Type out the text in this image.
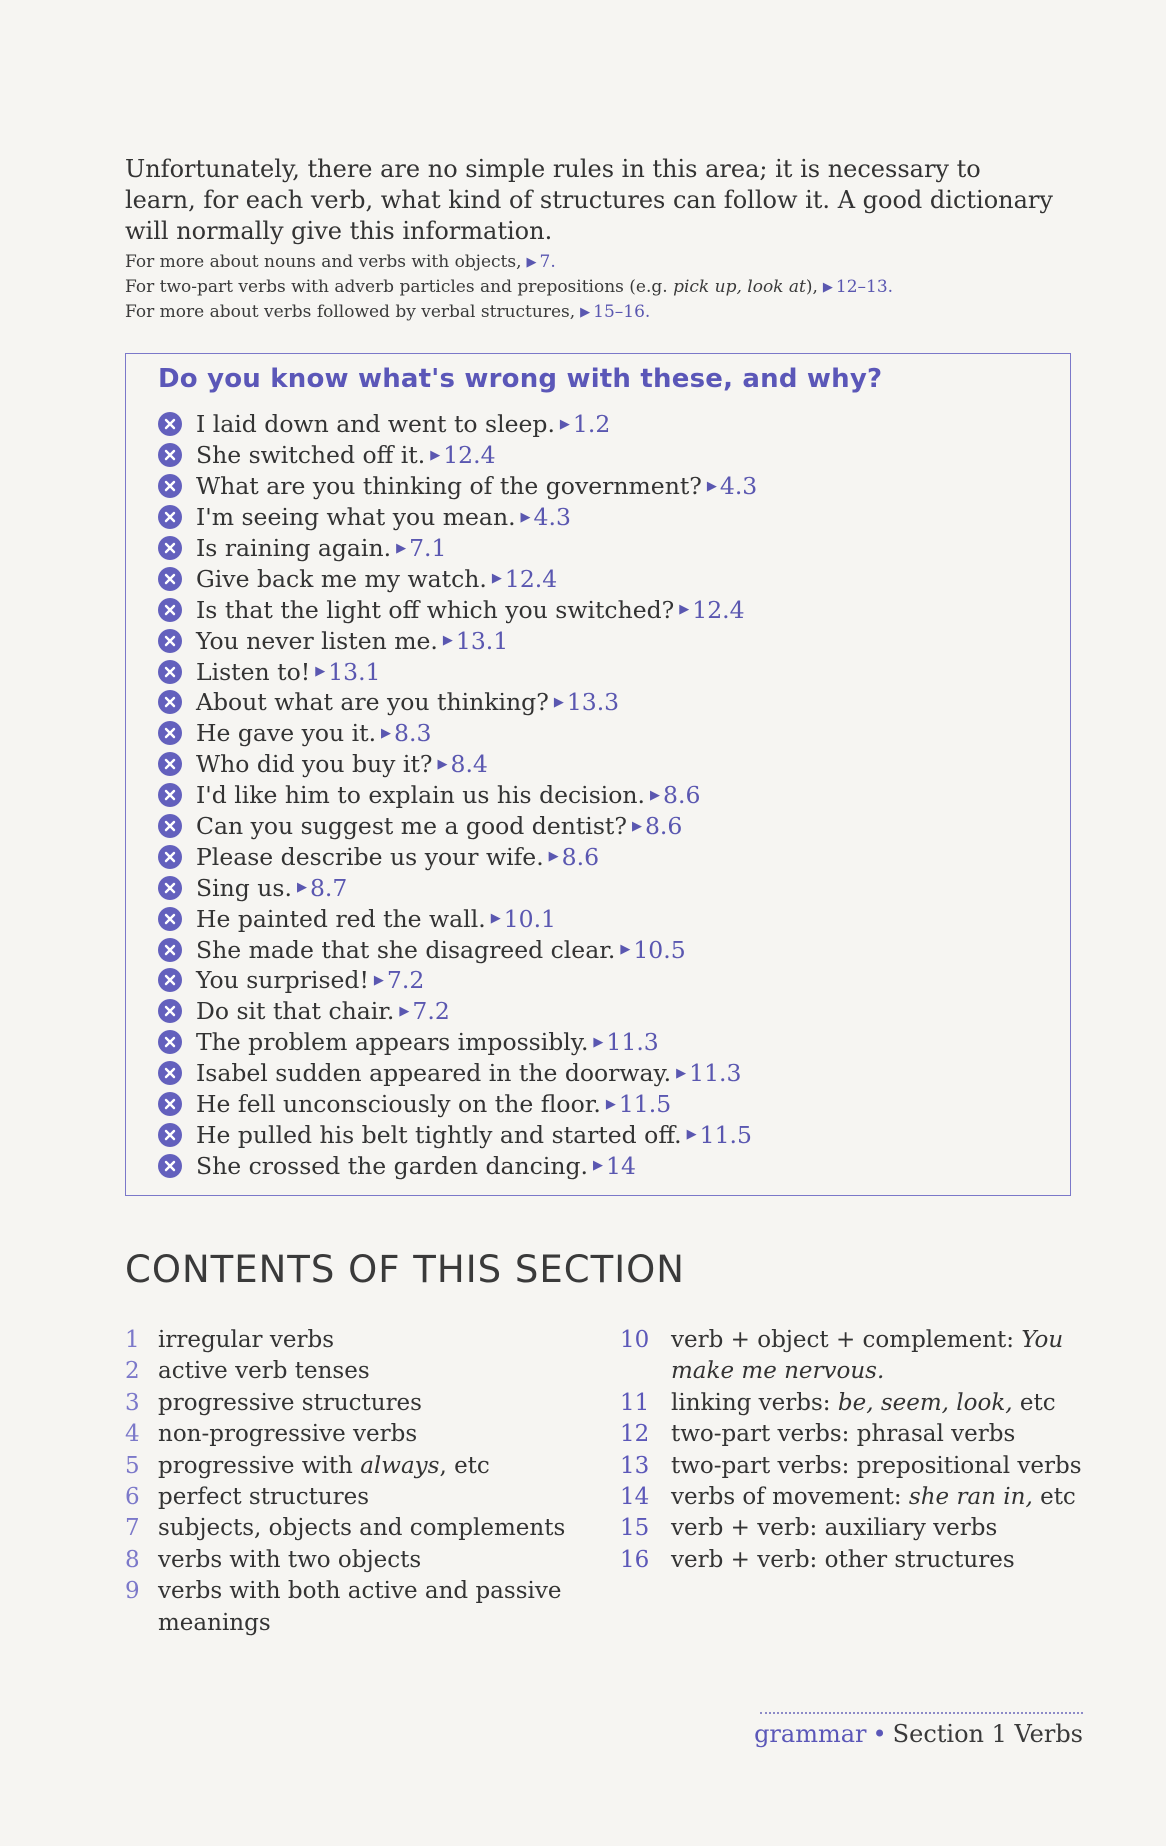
Unfortunately, there are no simple rules in this area; it is necessary to learn, for each verb, what kind of structures can follow it. A good dictionary will normally give this information.

For more about nouns and verbs with objects, ▶ 7.
For two-part verbs with adverb particles and prepositions (e.g. pick up, look at), ▶ 12–13.
For more about verbs followed by verbal structures, ▶ 15–16.
Do you know what's wrong with these, and why?
I laid down and went to sleep. ▶ 1.2
She switched off it. ▶ 12.4
What are you thinking of the government? ▶ 4.3
I'm seeing what you mean. ▶ 4.3
Is raining again. ▶ 7.1
Give back me my watch. ▶ 12.4
Is that the light off which you switched? ▶ 12.4
You never listen me. ▶ 13.1
Listen to! ▶ 13.1
About what are you thinking? ▶ 13.3
He gave you it. ▶ 8.3
Who did you buy it? ▶ 8.4
I'd like him to explain us his decision. ▶ 8.6
Can you suggest me a good dentist? ▶ 8.6
Please describe us your wife. ▶ 8.6
Sing us. ▶ 8.7
He painted red the wall. ▶ 10.1
She made that she disagreed clear. ▶ 10.5
You surprised! ▶ 7.2
Do sit that chair. ▶ 7.2
The problem appears impossibly. ▶ 11.3
Isabel sudden appeared in the doorway. ▶ 11.3
He fell unconsciously on the floor. ▶ 11.5
He pulled his belt tightly and started off. ▶ 11.5
She crossed the garden dancing. ▶ 14
CONTENTS OF THIS SECTION
1 irregular verbs
2 active verb tenses
3 progressive structures
4 non-progressive verbs
5 progressive with always, etc
6 perfect structures
7 subjects, objects and complements
8 verbs with two objects
9 verbs with both active and passive meanings
10 verb + object + complement: You make me nervous.
11 linking verbs: be, seem, look, etc
12 two-part verbs: phrasal verbs
13 two-part verbs: prepositional verbs
14 verbs of movement: she ran in, etc
15 verb + verb: auxiliary verbs
16 verb + verb: other structures
grammar • Section 1 Verbs
